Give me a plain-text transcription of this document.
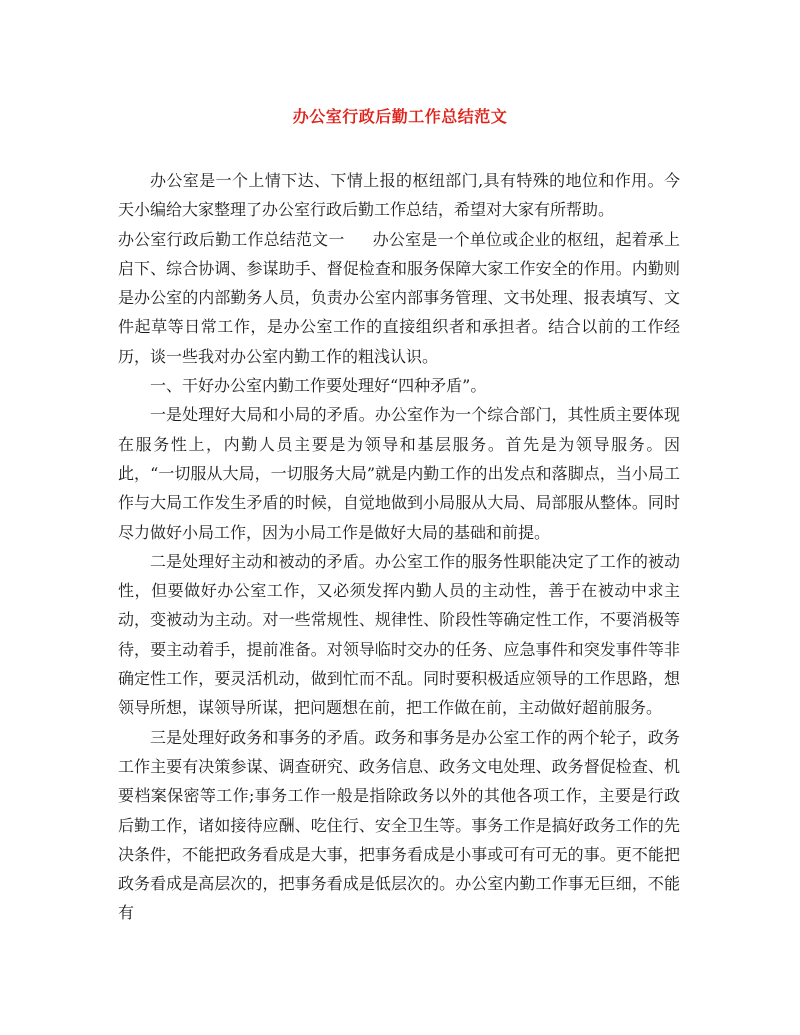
办公室行政后勤工作总结范文

办公室是一个上情下达、下情上报的枢纽部门,具有特殊的地位和作用。今天小编给大家整理了办公室行政后勤工作总结，希望对大家有所帮助。

办公室行政后勤工作总结范文一 办公室是一个单位或企业的枢纽，起着承上启下、综合协调、参谋助手、督促检查和服务保障大家工作安全的作用。内勤则是办公室的内部勤务人员，负责办公室内部事务管理、文书处理、报表填写、文件起草等日常工作，是办公室工作的直接组织者和承担者。结合以前的工作经历，谈一些我对办公室内勤工作的粗浅认识。

一、干好办公室内勤工作要处理好“四种矛盾”。

一是处理好大局和小局的矛盾。办公室作为一个综合部门，其性质主要体现在服务性上，内勤人员主要是为领导和基层服务。首先是为领导服务。因此，“一切服从大局，一切服务大局”就是内勤工作的出发点和落脚点，当小局工作与大局工作发生矛盾的时候，自觉地做到小局服从大局、局部服从整体。同时尽力做好小局工作，因为小局工作是做好大局的基础和前提。

二是处理好主动和被动的矛盾。办公室工作的服务性职能决定了工作的被动性，但要做好办公室工作，又必须发挥内勤人员的主动性，善于在被动中求主动，变被动为主动。对一些常规性、规律性、阶段性等确定性工作，不要消极等待，要主动着手，提前准备。对领导临时交办的任务、应急事件和突发事件等非确定性工作，要灵活机动，做到忙而不乱。同时要积极适应领导的工作思路，想领导所想，谋领导所谋，把问题想在前，把工作做在前，主动做好超前服务。

三是处理好政务和事务的矛盾。政务和事务是办公室工作的两个轮子，政务工作主要有决策参谋、调查研究、政务信息、政务文电处理、政务督促检查、机要档案保密等工作;事务工作一般是指除政务以外的其他各项工作，主要是行政后勤工作，诸如接待应酬、吃住行、安全卫生等。事务工作是搞好政务工作的先决条件，不能把政务看成是大事，把事务看成是小事或可有可无的事。更不能把政务看成是高层次的，把事务看成是低层次的。办公室内勤工作事无巨细，不能有
